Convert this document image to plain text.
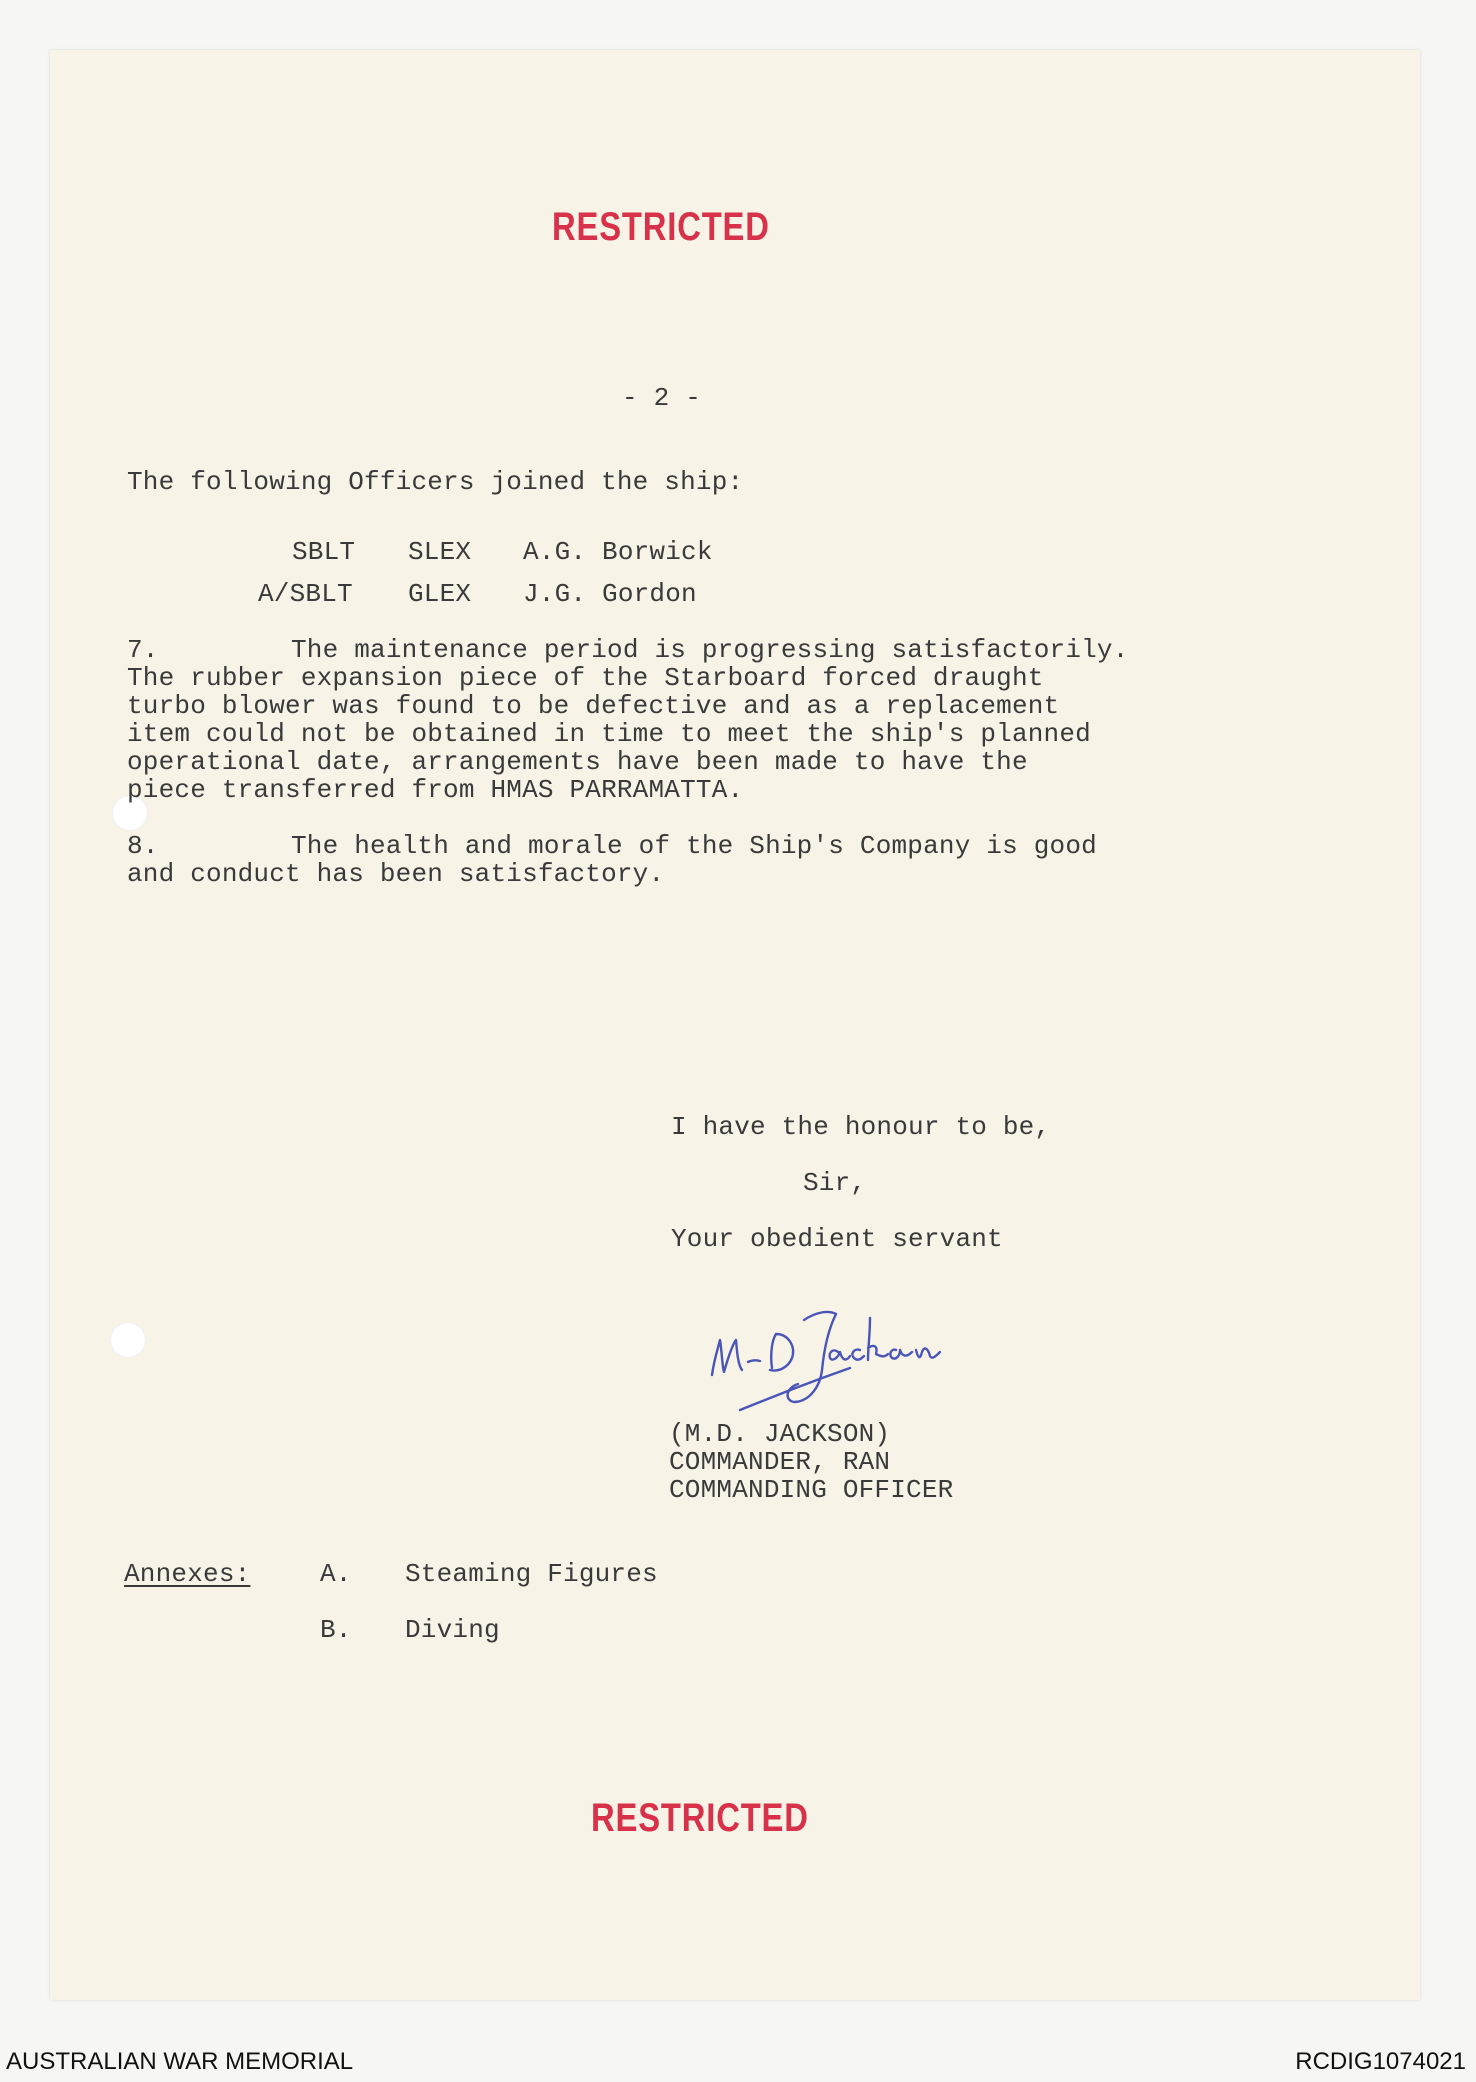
RESTRICTED
- 2 -
The following Officers joined the ship:
SBLT SLEX A.G. Borwick
A/SBLT GLEX J.G. Gordon
7.	The maintenance period is progressing satisfactorily.
The rubber expansion piece of the Starboard forced draught
turbo blower was found to be defective and as a replacement
item could not be obtained in time to meet the ship's planned
operational date, arrangements have been made to have the
piece transferred from HMAS PARRAMATTA.
8.	The health and morale of the Ship's Company is good
and conduct has been satisfactory.
I have the honour to be,
Sir,
Your obedient servant
(M.D. JACKSON)
COMMANDER, RAN
COMMANDING OFFICER
Annexes:	A. Steaming Figures
B. Diving
RESTRICTED
AUSTRALIAN WAR MEMORIAL	RCDIG1074021
